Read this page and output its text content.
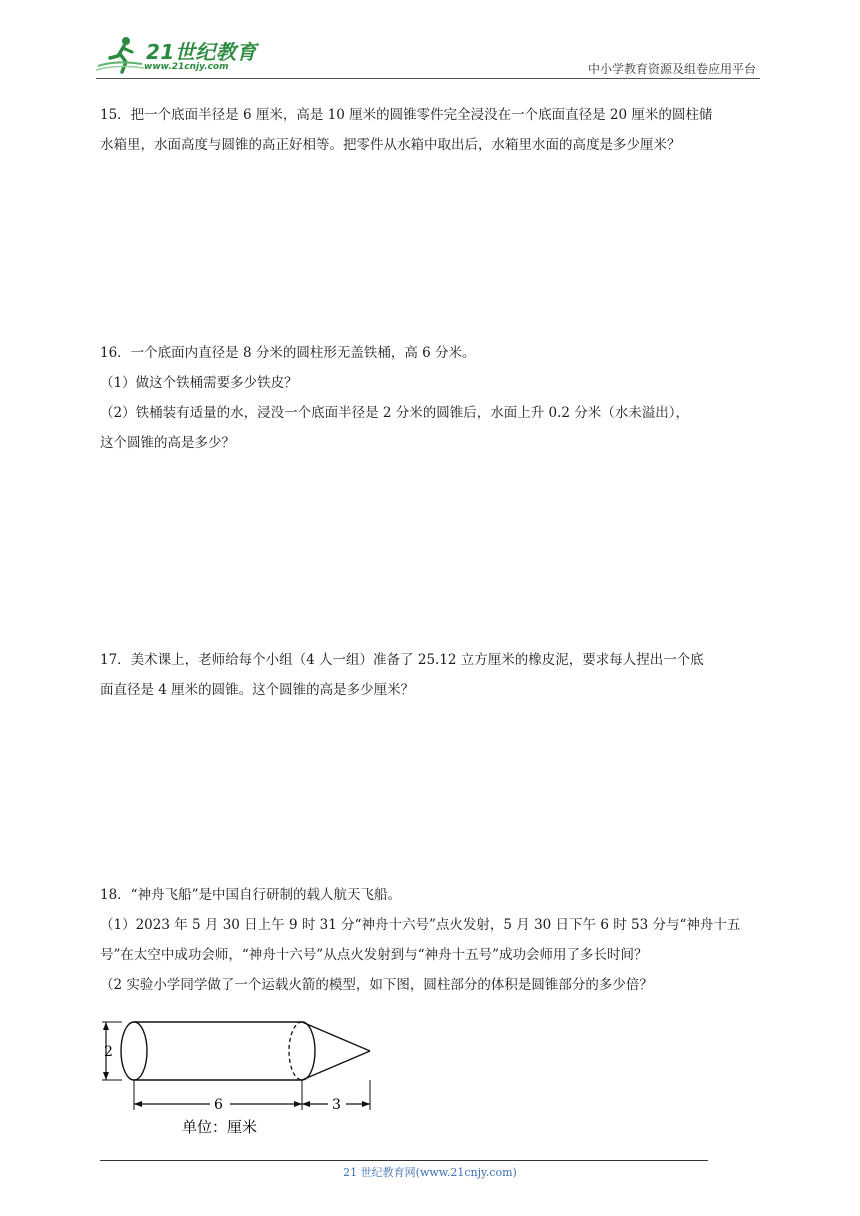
21世纪教育
www.21cnjy.com	中小学教育资源及组卷应用平台

15．把一个底面半径是 6 厘米，高是 10 厘米的圆锥零件完全浸没在一个底面直径是 20 厘米的圆柱储

水箱里，水面高度与圆锥的高正好相等。把零件从水箱中取出后，水箱里水面的高度是多少厘米？

16．一个底面内直径是 8 分米的圆柱形无盖铁桶，高 6 分米。

（1）做这个铁桶需要多少铁皮？

（2）铁桶装有适量的水，浸没一个底面半径是 2 分米的圆锥后，水面上升 0.2 分米（水未溢出），

这个圆锥的高是多少？

17．美术课上，老师给每个小组（4 人一组）准备了 25.12 立方厘米的橡皮泥，要求每人捏出一个底

面直径是 4 厘米的圆锥。这个圆锥的高是多少厘米？

18．“神舟飞船”是中国自行研制的载人航天飞船。

（1）2023 年 5 月 30 日上午 9 时 31 分“神舟十六号”点火发射，5 月 30 日下午 6 时 53 分与“神舟十五

号”在太空中成功会师，“神舟十六号”从点火发射到与“神舟十五号”成功会师用了多长时间？

（2 实验小学同学做了一个运载火箭的模型，如下图，圆柱部分的体积是圆锥部分的多少倍？

2
6	3
单位：厘米
21 世纪教育网(www.21cnjy.com)
